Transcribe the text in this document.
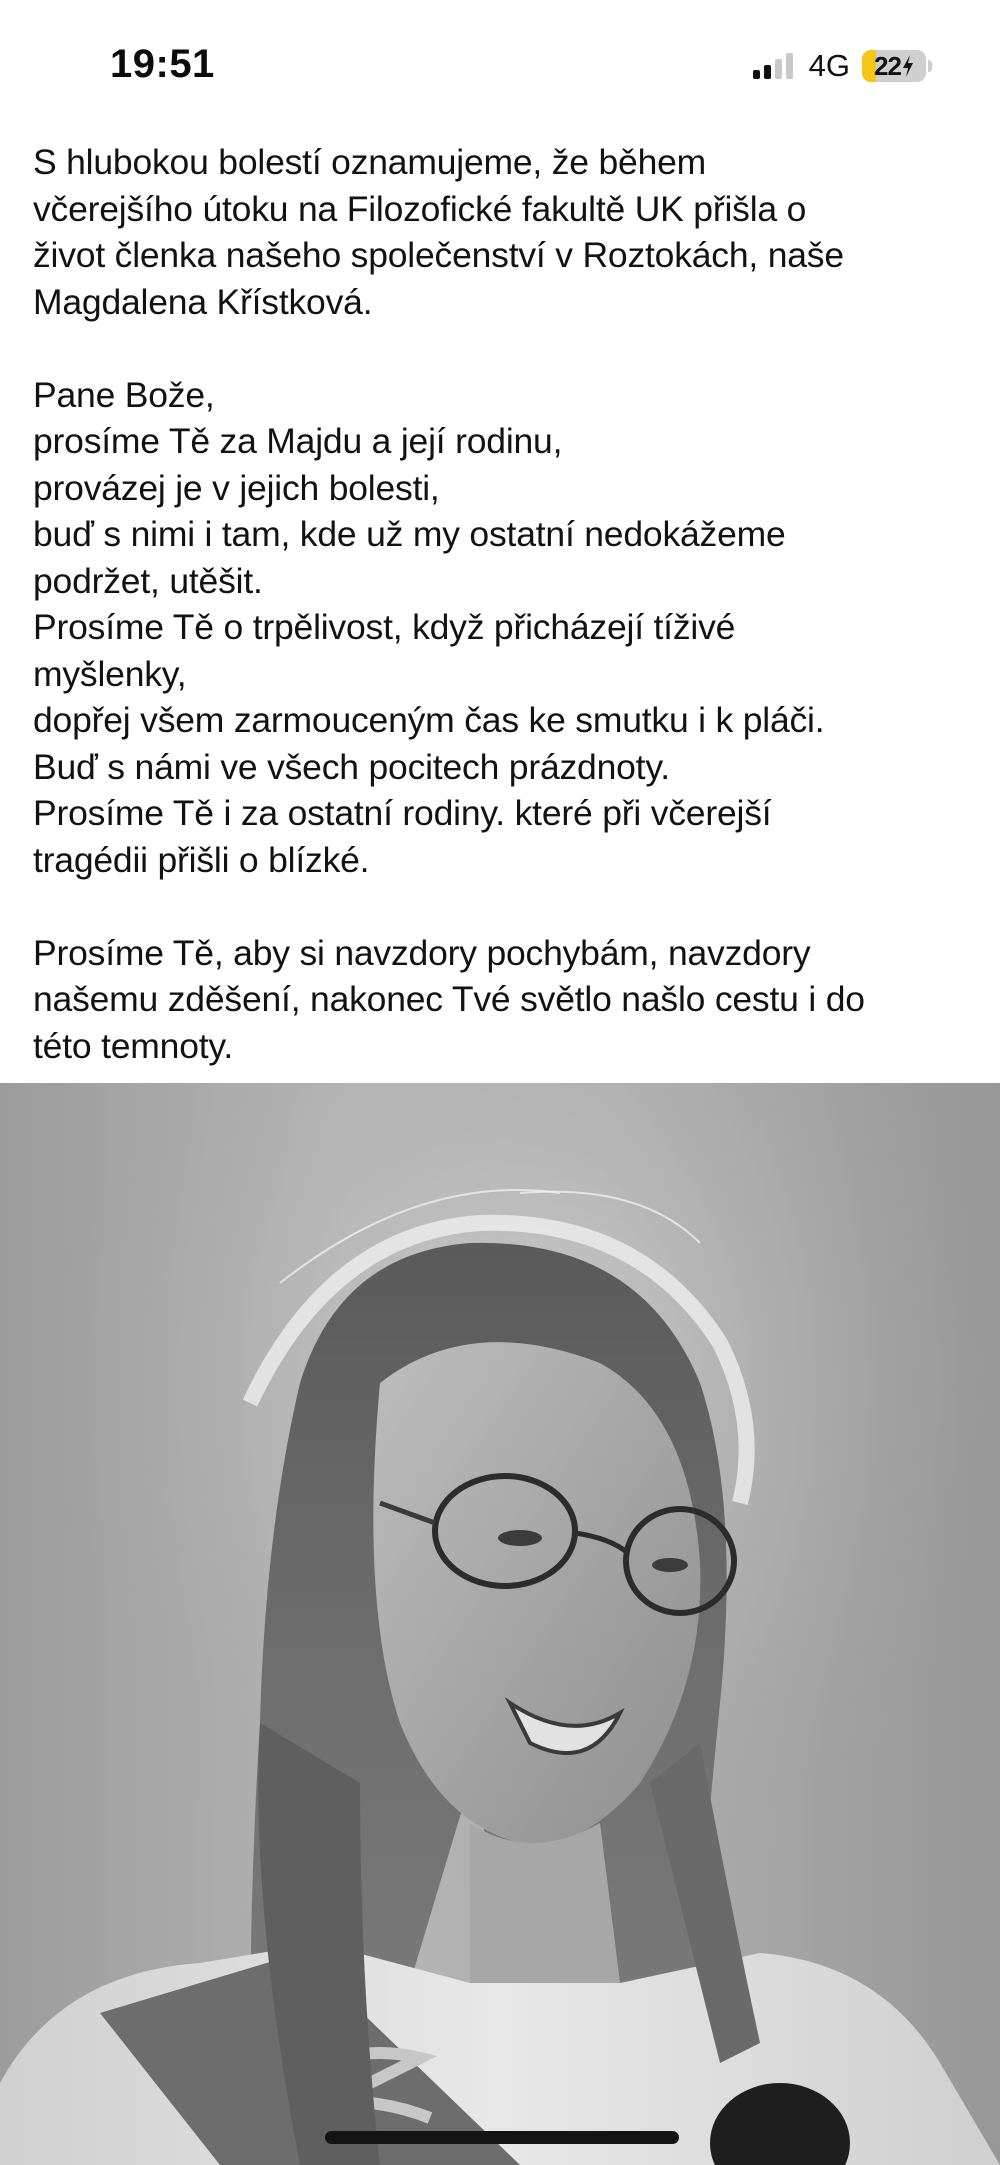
19:51	4G 22
S hlubokou bolestí oznamujeme, že během
včerejšího útoku na Filozofické fakultě UK přišla o
život členka našeho společenství v Roztokách, naše
Magdalena Křístková.
Pane Bože,
prosíme Tě za Majdu a její rodinu,
provázej je v jejich bolesti,
buď s nimi i tam, kde už my ostatní nedokážeme
podržet, utěšit.
Prosíme Tě o trpělivost, když přicházejí tíživé
myšlenky,
dopřej všem zarmouceným čas ke smutku i k pláči.
Buď s námi ve všech pocitech prázdnoty.
Prosíme Tě i za ostatní rodiny. které při včerejší
tragédii přišli o blízké.
Prosíme Tě, aby si navzdory pochybám, navzdory
našemu zděšení, nakonec Tvé světlo našlo cestu i do
této temnoty.
